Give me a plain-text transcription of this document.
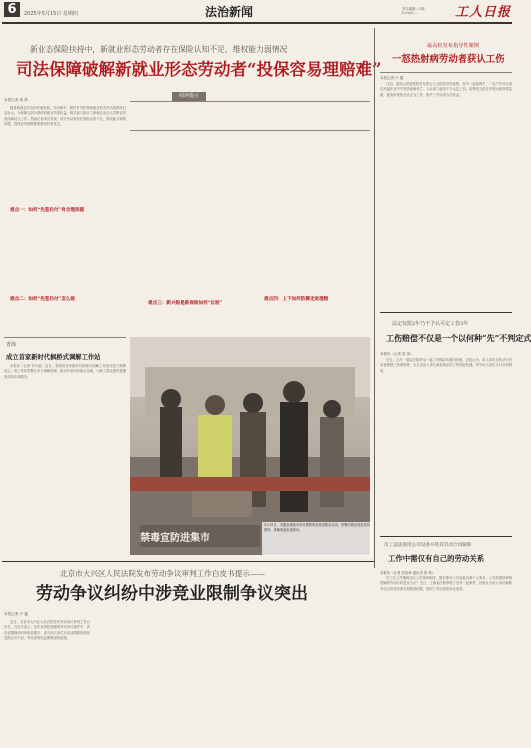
6	2025年5月15日 星期四	法治新闻	责任编辑: 卢晓
E-mail: ...	工人日报
新业态保险扶持中，新就业形态劳动者存在保险认知不足、维权能力弱情况
司法保障破解新就业形态劳动者“投保容易理赔难”
本报记者 周 倩

随着新就业形态的快速发展，外卖骑手、网约车司机等新就业形态劳动者群体日益壮大。为保障这部分群体的职业伤害权益，相关部门推出了新就业形态人员职业伤害保障试点工作。然而记者采访发现，部分劳动者存在保险认知不足、维权能力弱的问题，投保容易理赔难的情况时有发生。

难点一：如何“先签后付”有合理依据
难点二：如何“先签后付”怎么破
阅读提示
难点三：新兴险是新保险如何“比较”
难点四：上下如何防御走进理赔
青海
成立首家新时代枫桥式调解工作站

本报讯（记者 李小丽）近日，青海省首家新时代枫桥式调解工作站在西宁揭牌成立。该工作站将整合多方调解资源，推动矛盾纠纷源头化解，为职工群众提供便捷高效的法律服务。

禁毒宣防进集市
5月13日，安徽宣城某市场开展禁毒宣传进集市活动，民警向群众发放宣传资料，讲解毒品危害知识。
最高检发布指导性案例
一怒热射病劳动者获认工伤
本报记者 卢 越

日前，最高人民检察院发布第五十五批指导性案例。其中一起案例中，一名户外劳动者在高温作业中突发热射病死亡，人社部门起初不予认定工伤。检察机关依法开展行政检察监督，促成该案依法认定为工伤，维护了劳动者合法权益。

法定仅限2年乃不予认可定工伤3年
工伤赔偿不仅是一个以何种“先”不判定式
本报讯（记者 张 萍）

近日，江苏一基层法院审结一起工伤保险待遇纠纷案。法院认为，用人单位未依法为劳动者缴纳工伤保险费，应当由用人单位承担相应的工伤保险待遇，判令用人单位支付各项赔偿。

员工违法使用公司设备并将其劳动合同解除
工作中需仅有自己的劳动关系
本报讯（记者 范培珍 通讯员 张 婷）

员工在工作期间违反公司规章制度，擅自使用公司设备从事个人事务，公司依据规章制度解除劳动合同是否合法？近日，上海某法院审理了这样一起案件，法院认为用人单位解除劳动合同具有事实和制度依据，驳回了劳动者的诉讼请求。

北京市大兴区人民法院发布劳动争议审判工作白皮书提示——
劳动争议纠纷中涉竞业限制争议突出
本报记者 卢 越

近日，北京市大兴区人民法院发布劳动争议审判工作白皮书。白皮书显示，近年来该院受理的劳动争议案件中，涉竞业限制的纠纷明显增多，部分用人单位对竞业限制的适用范围认识不清，劳动者的权益保障亟待加强。
